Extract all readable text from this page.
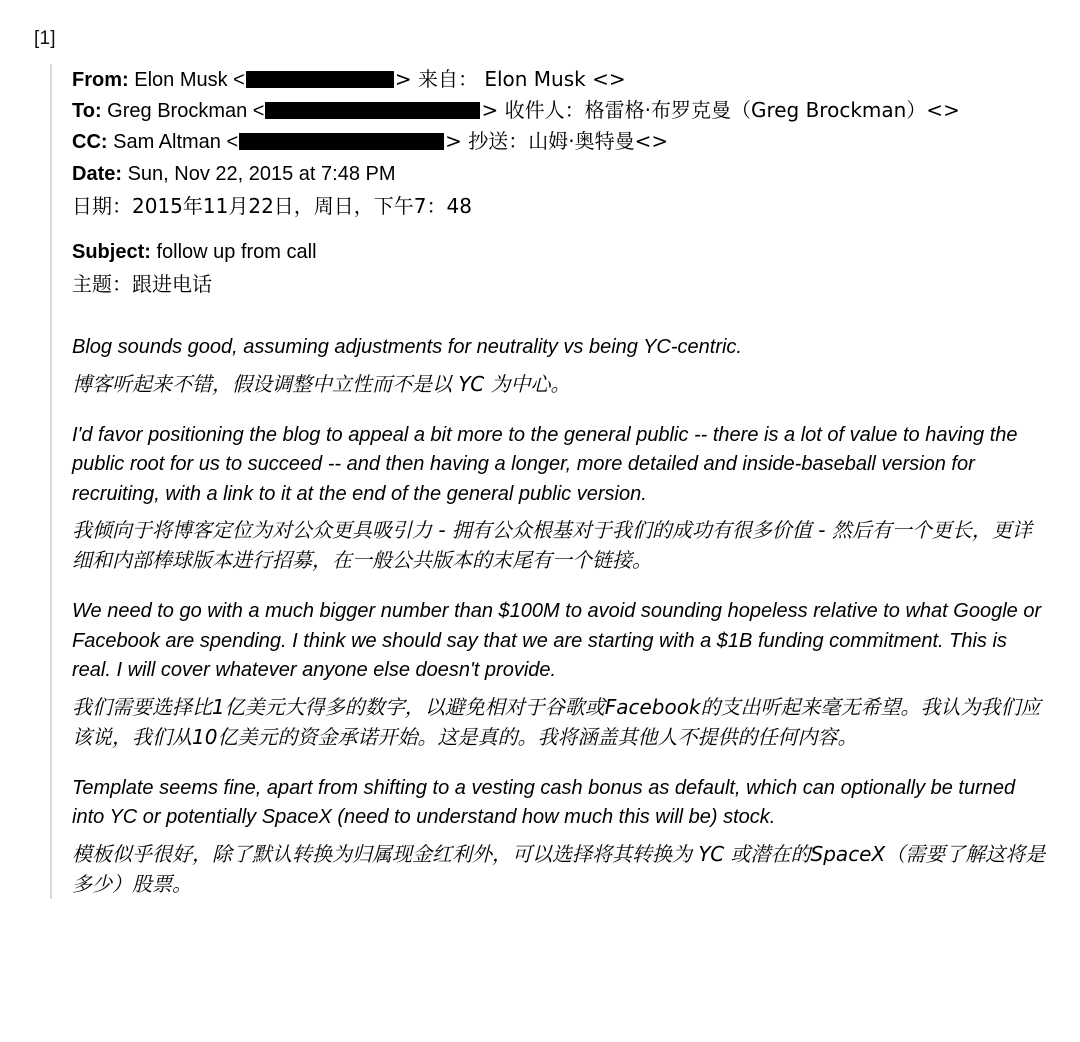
[1]
From: Elon Musk <	> 来自： Elon Musk <>
To: Greg Brockman <	> 收件人：格雷格·布罗克曼（Greg Brockman）<>
CC: Sam Altman <	> 抄送：山姆·奥特曼<>
Date: Sun, Nov 22, 2015 at 7:48 PM
日期：2015年11月22日，周日，下午7：48
Subject: follow up from call
主题：跟进电话

Blog sounds good, assuming adjustments for neutrality vs being YC-centric.

博客听起来不错，假设调整中立性而不是以 YC 为中心。

I'd favor positioning the blog to appeal a bit more to the general public -- there is a lot of value to having the public root for us to succeed -- and then having a longer, more detailed and inside-baseball version for recruiting, with a link to it at the end of the general public version.

我倾向于将博客定位为对公众更具吸引力 - 拥有公众根基对于我们的成功有很多价值 - 然后有一个更长，更详细和内部棒球版本进行招募，在一般公共版本的末尾有一个链接。

We need to go with a much bigger number than $100M to avoid sounding hopeless relative to what Google or Facebook are spending. I think we should say that we are starting with a $1B funding commitment. This is real. I will cover whatever anyone else doesn't provide.

我们需要选择比1亿美元大得多的数字，以避免相对于谷歌或Facebook的支出听起来毫无希望。我认为我们应该说，我们从10亿美元的资金承诺开始。这是真的。我将涵盖其他人不提供的任何内容。

Template seems fine, apart from shifting to a vesting cash bonus as default, which can optionally be turned into YC or potentially SpaceX (need to understand how much this will be) stock.

模板似乎很好，除了默认转换为归属现金红利外，可以选择将其转换为 YC 或潜在的SpaceX（需要了解这将是多少）股票。
